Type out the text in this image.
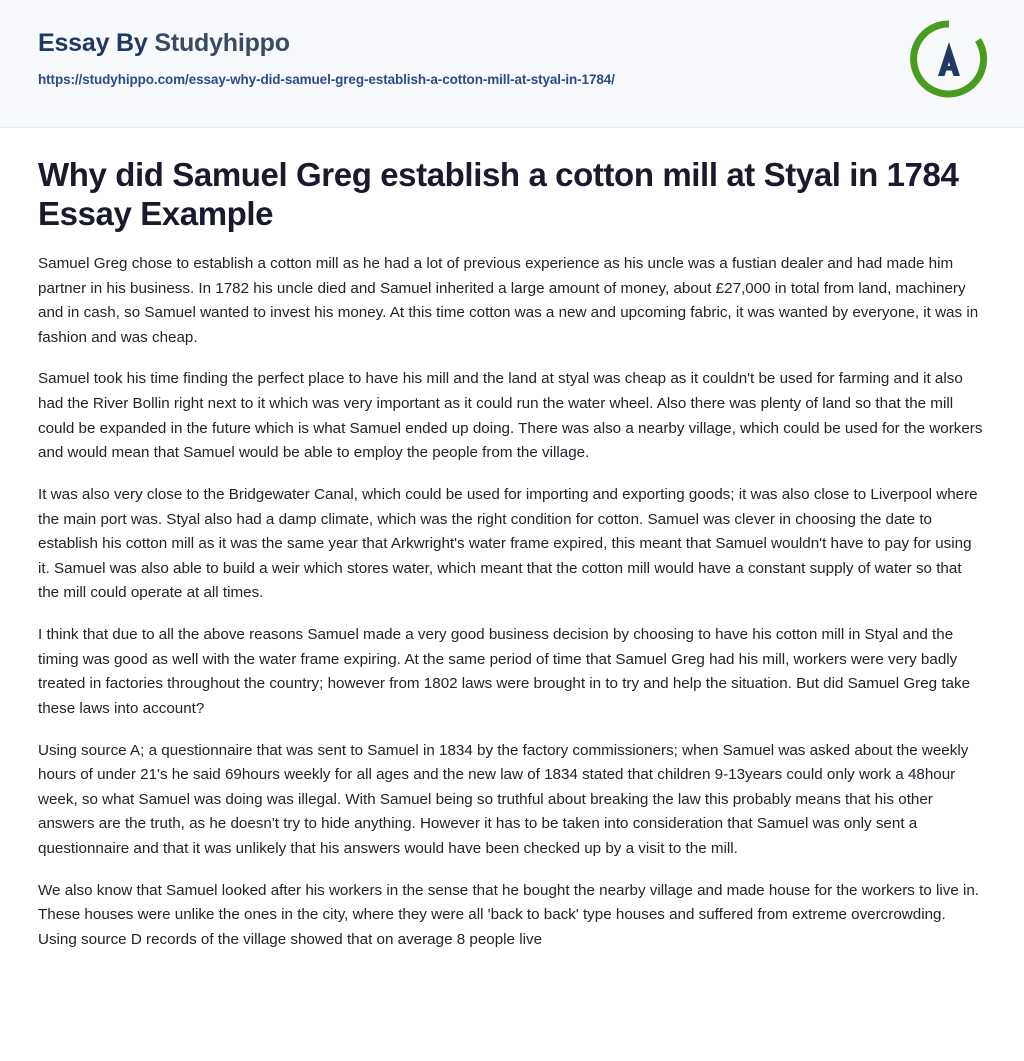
Essay By Studyhippo
https://studyhippo.com/essay-why-did-samuel-greg-establish-a-cotton-mill-at-styal-in-1784/
Why did Samuel Greg establish a cotton mill at Styal in 1784 Essay Example

Samuel Greg chose to establish a cotton mill as he had a lot of previous experience as his uncle was a fustian dealer and had made him partner in his business. In 1782 his uncle died and Samuel inherited a large amount of money, about £27,000 in total from land, machinery and in cash, so Samuel wanted to invest his money. At this time cotton was a new and upcoming fabric, it was wanted by everyone, it was in fashion and was cheap.

Samuel took his time finding the perfect place to have his mill and the land at styal was cheap as it couldn't be used for farming and it also had the River Bollin right next to it which was very important as it could run the water wheel. Also there was plenty of land so that the mill could be expanded in the future which is what Samuel ended up doing. There was also a nearby village, which could be used for the workers and would mean that Samuel would be able to employ the people from the village.

It was also very close to the Bridgewater Canal, which could be used for importing and exporting goods; it was also close to Liverpool where the main port was. Styal also had a damp climate, which was the right condition for cotton. Samuel was clever in choosing the date to establish his cotton mill as it was the same year that Arkwright's water frame expired, this meant that Samuel wouldn't have to pay for using it. Samuel was also able to build a weir which stores water, which meant that the cotton mill would have a constant supply of water so that the mill could operate at all times.

I think that due to all the above reasons Samuel made a very good business decision by choosing to have his cotton mill in Styal and the timing was good as well with the water frame expiring. At the same period of time that Samuel Greg had his mill, workers were very badly treated in factories throughout the country; however from 1802 laws were brought in to try and help the situation. But did Samuel Greg take these laws into account?

Using source A; a questionnaire that was sent to Samuel in 1834 by the factory commissioners; when Samuel was asked about the weekly hours of under 21's he said 69hours weekly for all ages and the new law of 1834 stated that children 9-13years could only work a 48hour week, so what Samuel was doing was illegal. With Samuel being so truthful about breaking the law this probably means that his other answers are the truth, as he doesn't try to hide anything. However it has to be taken into consideration that Samuel was only sent a questionnaire and that it was unlikely that his answers would have been checked up by a visit to the mill.

We also know that Samuel looked after his workers in the sense that he bought the nearby village and made house for the workers to live in. These houses were unlike the ones in the city, where they were all 'back to back' type houses and suffered from extreme overcrowding. Using source D records of the village showed that on average 8 people live
